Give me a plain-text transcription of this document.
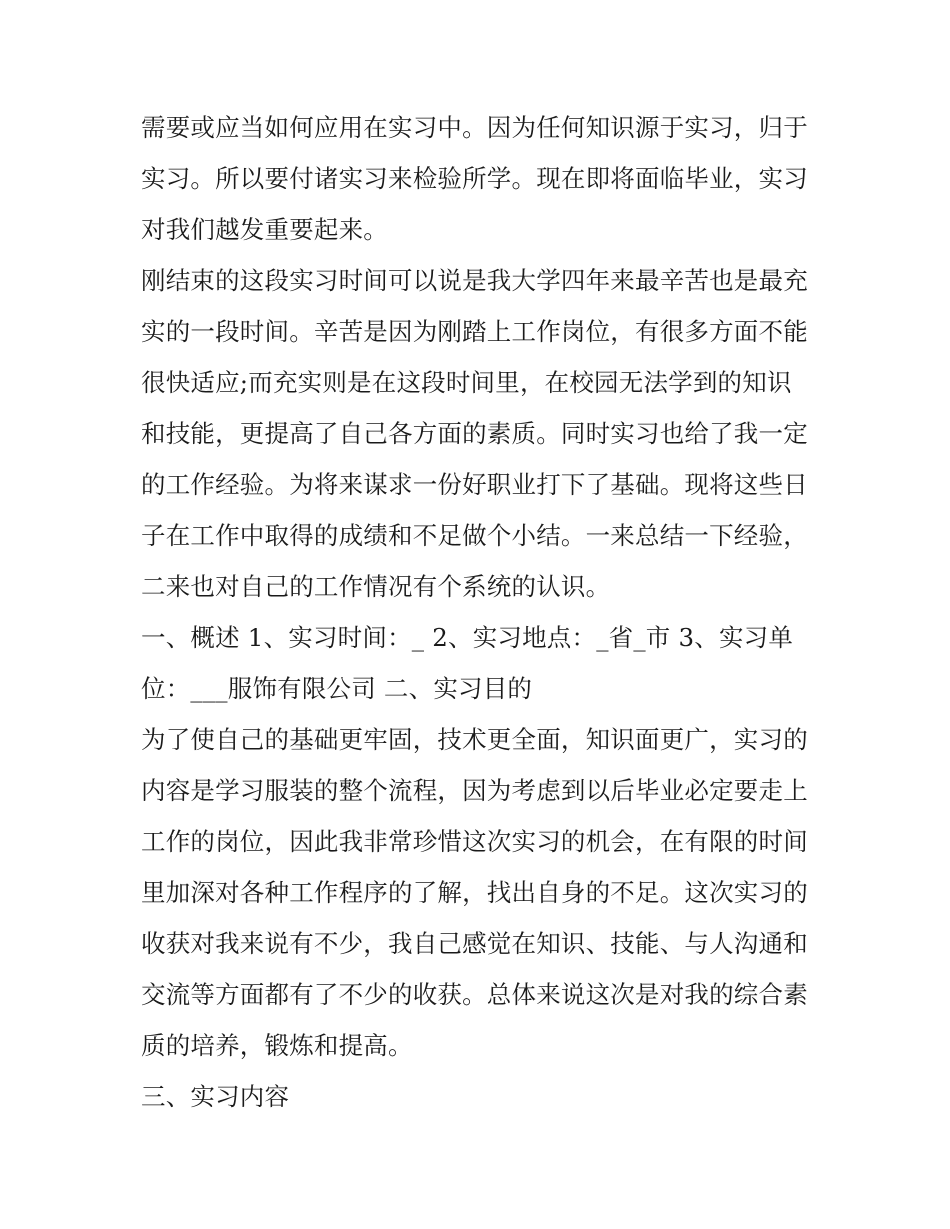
需要或应当如何应用在实习中。因为任何知识源于实习，归于
实习。所以要付诸实习来检验所学。现在即将面临毕业，实习
对我们越发重要起来。
刚结束的这段实习时间可以说是我大学四年来最辛苦也是最充
实的一段时间。辛苦是因为刚踏上工作岗位，有很多方面不能
很快适应;而充实则是在这段时间里，在校园无法学到的知识
和技能，更提高了自己各方面的素质。同时实习也给了我一定
的工作经验。为将来谋求一份好职业打下了基础。现将这些日
子在工作中取得的成绩和不足做个小结。一来总结一下经验，
二来也对自己的工作情况有个系统的认识。
一、概述 1、实习时间：_ 2、实习地点：_省_市 3、实习单
位：___服饰有限公司 二、实习目的
为了使自己的基础更牢固，技术更全面，知识面更广，实习的
内容是学习服装的整个流程，因为考虑到以后毕业必定要走上
工作的岗位，因此我非常珍惜这次实习的机会，在有限的时间
里加深对各种工作程序的了解，找出自身的不足。这次实习的
收获对我来说有不少，我自己感觉在知识、技能、与人沟通和
交流等方面都有了不少的收获。总体来说这次是对我的综合素
质的培养，锻炼和提高。
三、实习内容
